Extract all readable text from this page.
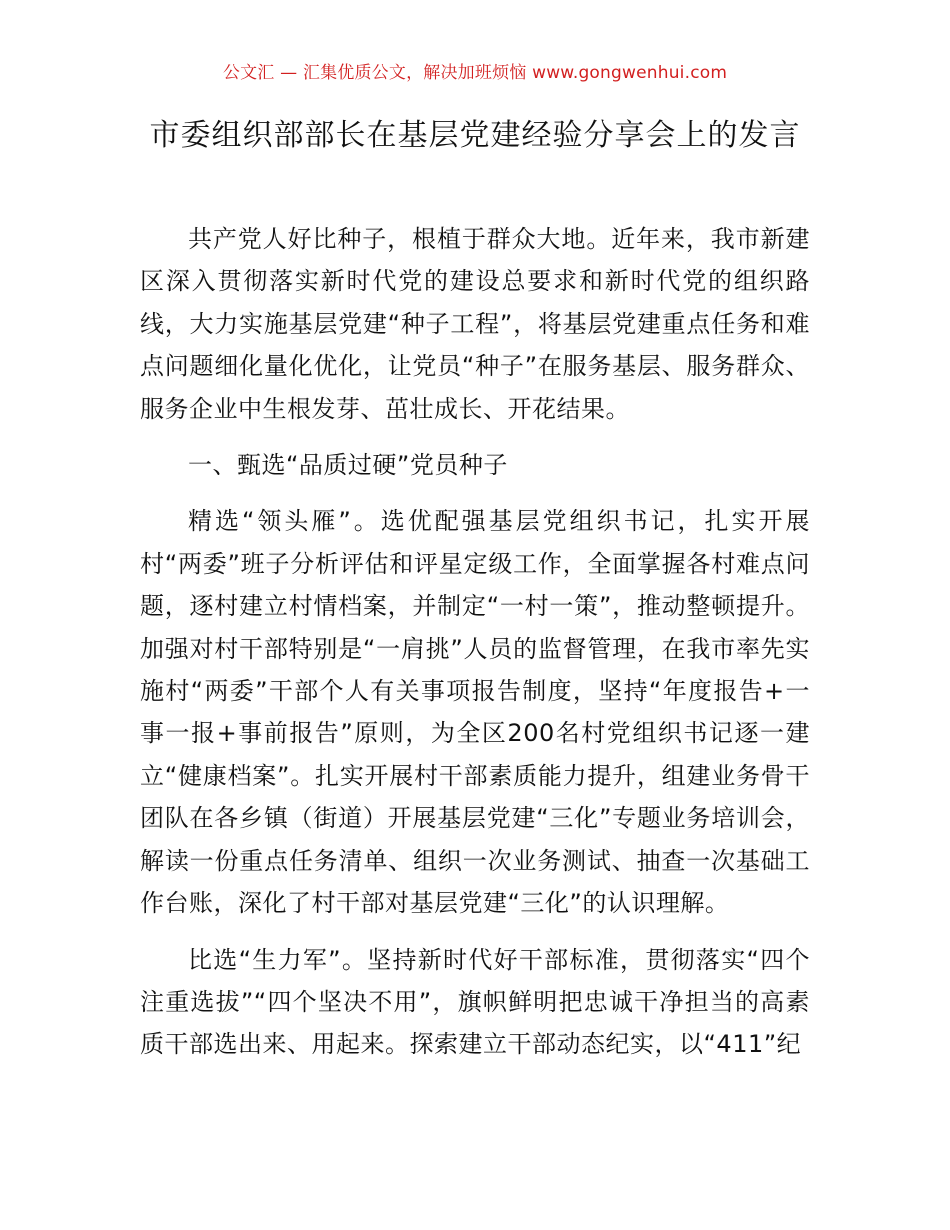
公文汇 — 汇集优质公文，解决加班烦恼 www.gongwenhui.com
市委组织部部长在基层党建经验分享会上的发言

共产党人好比种子，根植于群众大地。近年来，我市新建区深入贯彻落实新时代党的建设总要求和新时代党的组织路线，大力实施基层党建“种子工程”，将基层党建重点任务和难点问题细化量化优化，让党员“种子”在服务基层、服务群众、服务企业中生根发芽、茁壮成长、开花结果。

一、甄选“品质过硬”党员种子

精选“领头雁”。选优配强基层党组织书记，扎实开展村“两委”班子分析评估和评星定级工作，全面掌握各村难点问题，逐村建立村情档案，并制定“一村一策”，推动整顿提升。加强对村干部特别是“一肩挑”人员的监督管理，在我市率先实施村“两委”干部个人有关事项报告制度，坚持“年度报告+一事一报+事前报告”原则，为全区200名村党组织书记逐一建立“健康档案”。扎实开展村干部素质能力提升，组建业务骨干团队在各乡镇（街道）开展基层党建“三化”专题业务培训会，解读一份重点任务清单、组织一次业务测试、抽查一次基础工作台账，深化了村干部对基层党建“三化”的认识理解。

比选“生力军”。坚持新时代好干部标准，贯彻落实“四个注重选拔”“四个坚决不用”，旗帜鲜明把忠诚干净担当的高素质干部选出来、用起来。探索建立干部动态纪实，以“411”纪
